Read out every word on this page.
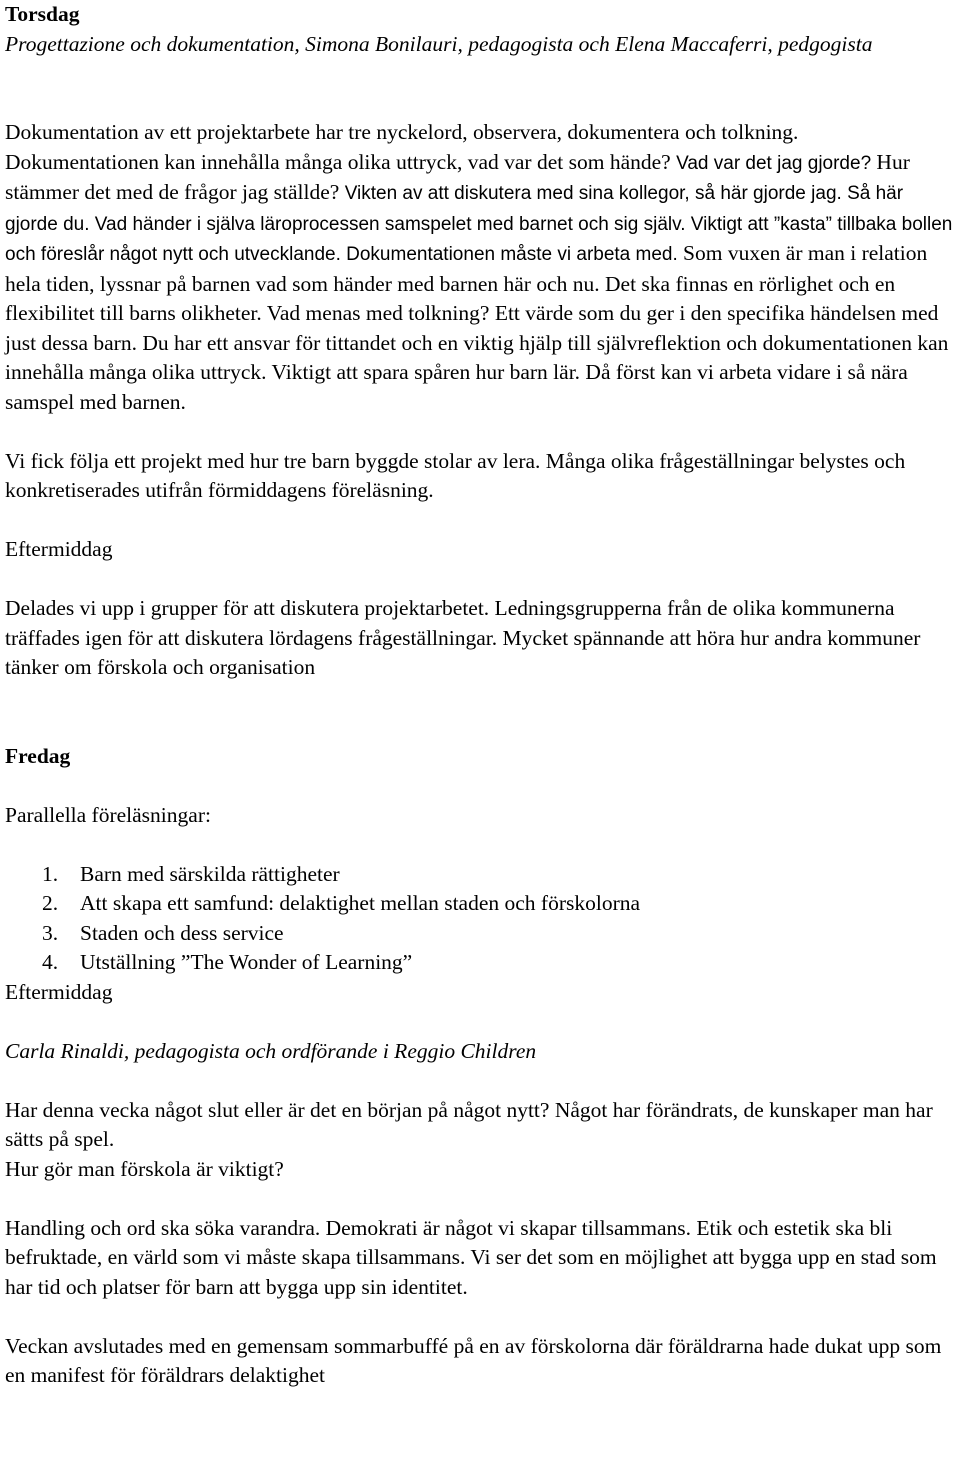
Torsdag

Progettazione och dokumentation, Simona Bonilauri, pedagogista och Elena Maccaferri, pedgogista

Dokumentation av ett projektarbete har tre nyckelord, observera, dokumentera och tolkning. Dokumentationen kan innehålla många olika uttryck, vad var det som hände? Vad var det jag gjorde? Hur stämmer det med de frågor jag ställde? Vikten av att diskutera med sina kollegor, så här gjorde jag. Så här gjorde du. Vad händer i själva läroprocessen samspelet med barnet och sig själv. Viktigt att ”kasta” tillbaka bollen och föreslår något nytt och utvecklande. Dokumentationen måste vi arbeta med. Som vuxen är man i relation hela tiden, lyssnar på barnen vad som händer med barnen här och nu. Det ska finnas en rörlighet och en flexibilitet till barns olikheter. Vad menas med tolkning? Ett värde som du ger i den specifika händelsen med just dessa barn. Du har ett ansvar för tittandet och en viktig hjälp till självreflektion och dokumentationen kan innehålla många olika uttryck. Viktigt att spara spåren hur barn lär. Då först kan vi arbeta vidare i så nära samspel med barnen.

Vi fick följa ett projekt med hur tre barn byggde stolar av lera. Många olika frågeställningar belystes och konkretiserades utifrån förmiddagens föreläsning.

Eftermiddag

Delades vi upp i grupper för att diskutera projektarbetet. Ledningsgrupperna från de olika kommunerna träffades igen för att diskutera lördagens frågeställningar. Mycket spännande att höra hur andra kommuner tänker om förskola och organisation

Fredag

Parallella föreläsningar:

1. Barn med särskilda rättigheter
2. Att skapa ett samfund: delaktighet mellan staden och förskolorna
3. Staden och dess service
4. Utställning ”The Wonder of Learning”

Eftermiddag

Carla Rinaldi, pedagogista och ordförande i Reggio Children

Har denna vecka något slut eller är det en början på något nytt? Något har förändrats, de kunskaper man har sätts på spel.
Hur gör man förskola är viktigt?

Handling och ord ska söka varandra. Demokrati är något vi skapar tillsammans. Etik och estetik ska bli befruktade, en värld som vi måste skapa tillsammans. Vi ser det som en möjlighet att bygga upp en stad som har tid och platser för barn att bygga upp sin identitet.

Veckan avslutades med en gemensam sommarbuffé på en av förskolorna där föräldrarna hade dukat upp som en manifest för föräldrars delaktighet
